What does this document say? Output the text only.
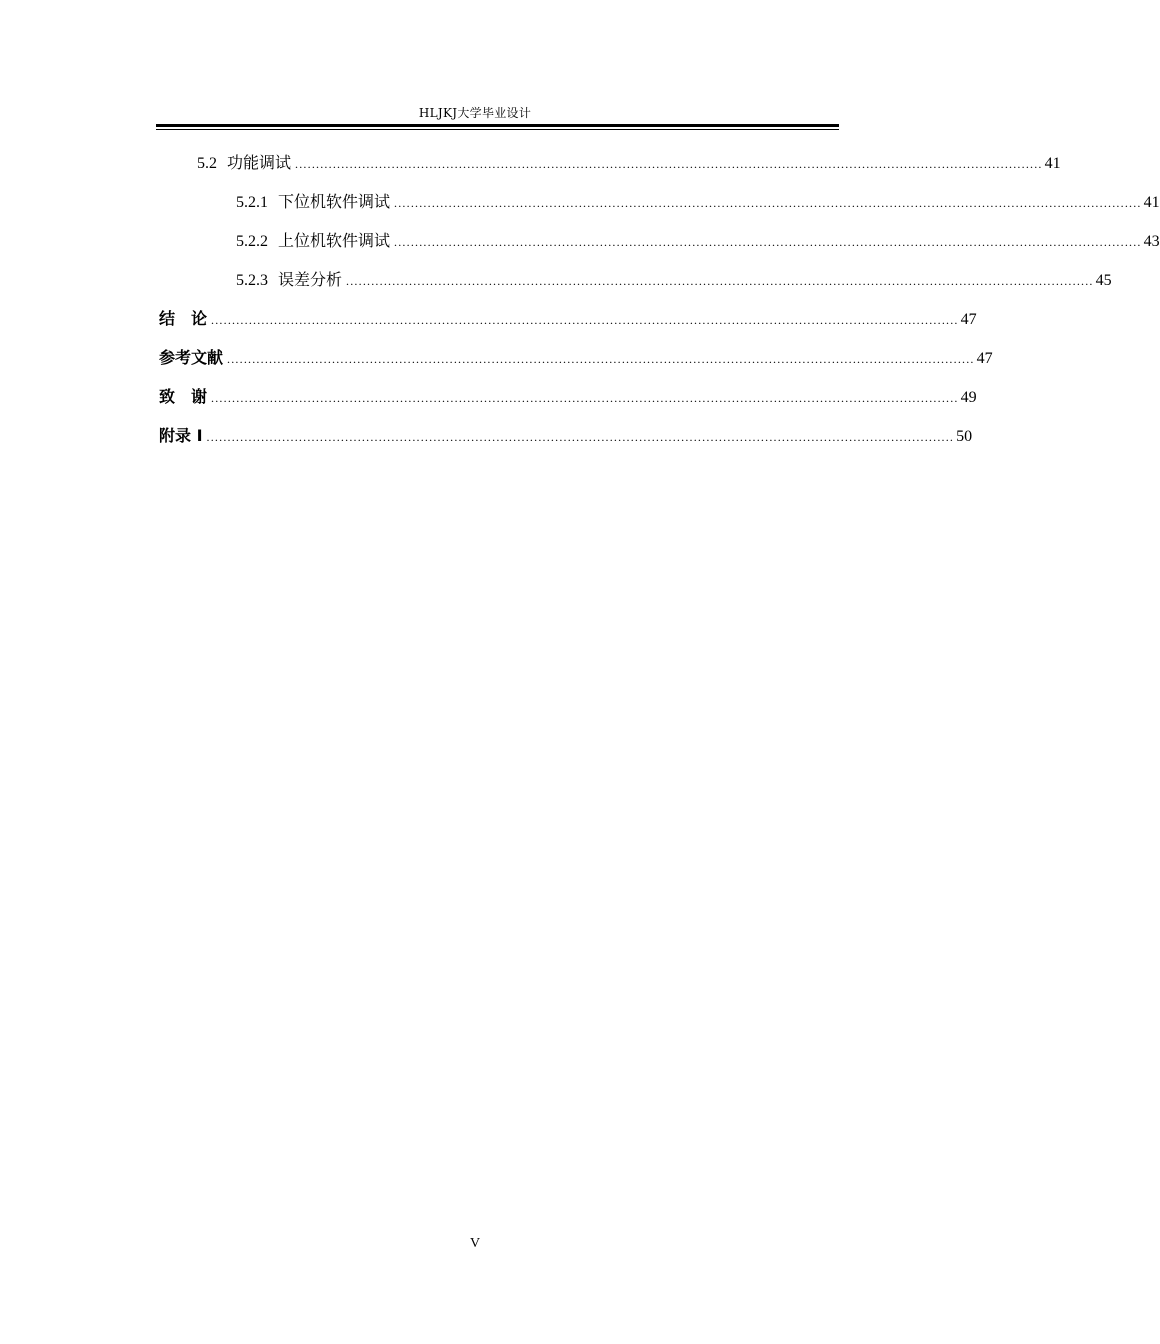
HLJKJ大学毕业设计
5.2 功能调试 .................................................................................................................................................................................. 41
5.2.1 下位机软件调试 .................................................................................................................................................................................. 41
5.2.2 上位机软件调试 .................................................................................................................................................................................. 43
5.2.3 误差分析 .................................................................................................................................................................................. 45
结　论 .................................................................................................................................................................................. 47
参考文献 .................................................................................................................................................................................. 47
致　谢 .................................................................................................................................................................................. 49
附录 I .................................................................................................................................................................................. 50
V
